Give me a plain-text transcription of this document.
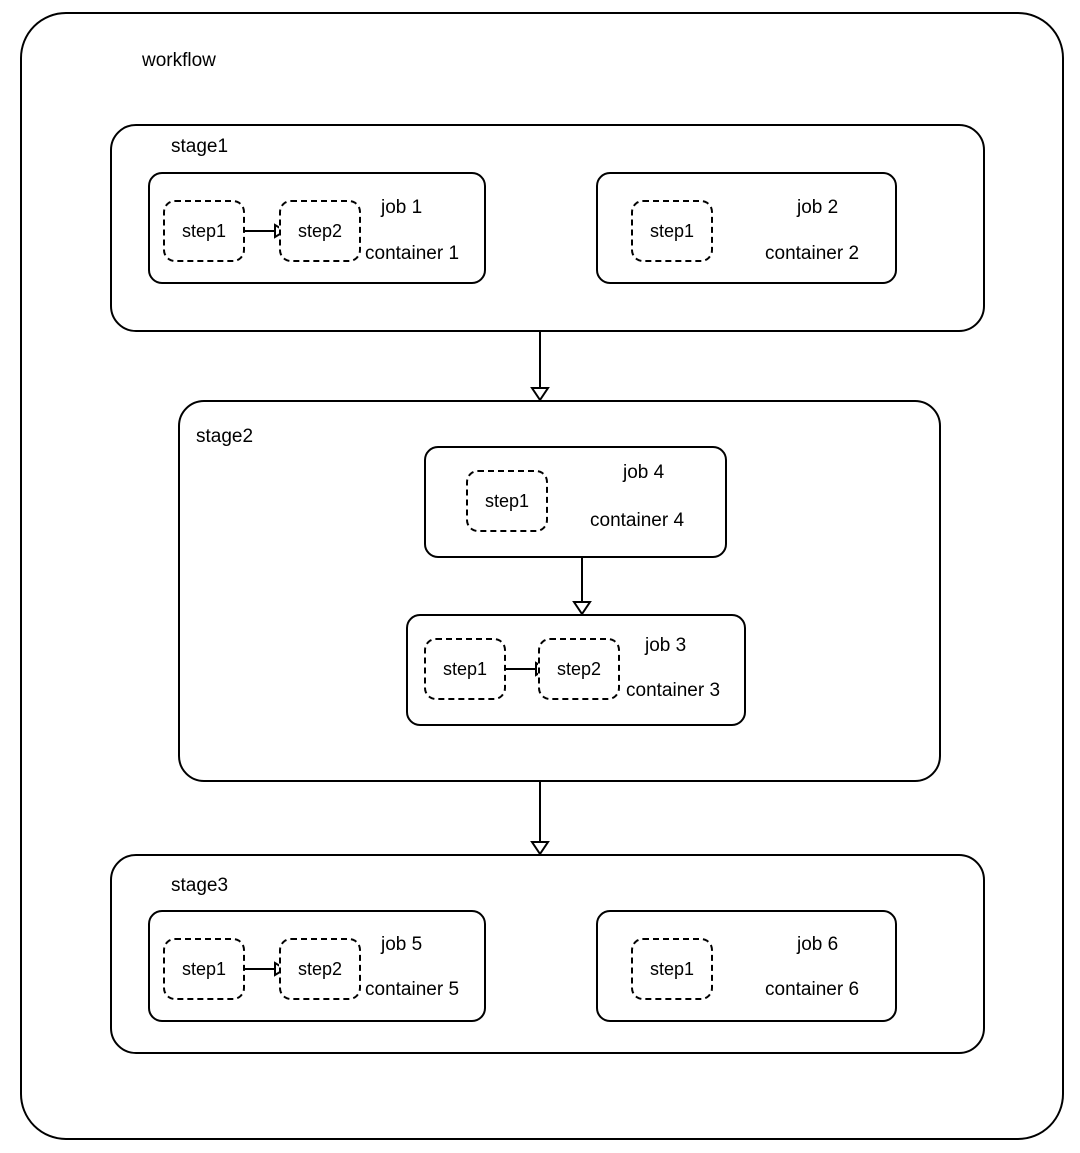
workflow
stage1
step1	step2
job 1
container 1
step1
job 2
container 2
stage2
step1
job 4
container 4
step1	step2
job 3
container 3
stage3
step1	step2
job 5
container 5
step1
job 6
container 6
